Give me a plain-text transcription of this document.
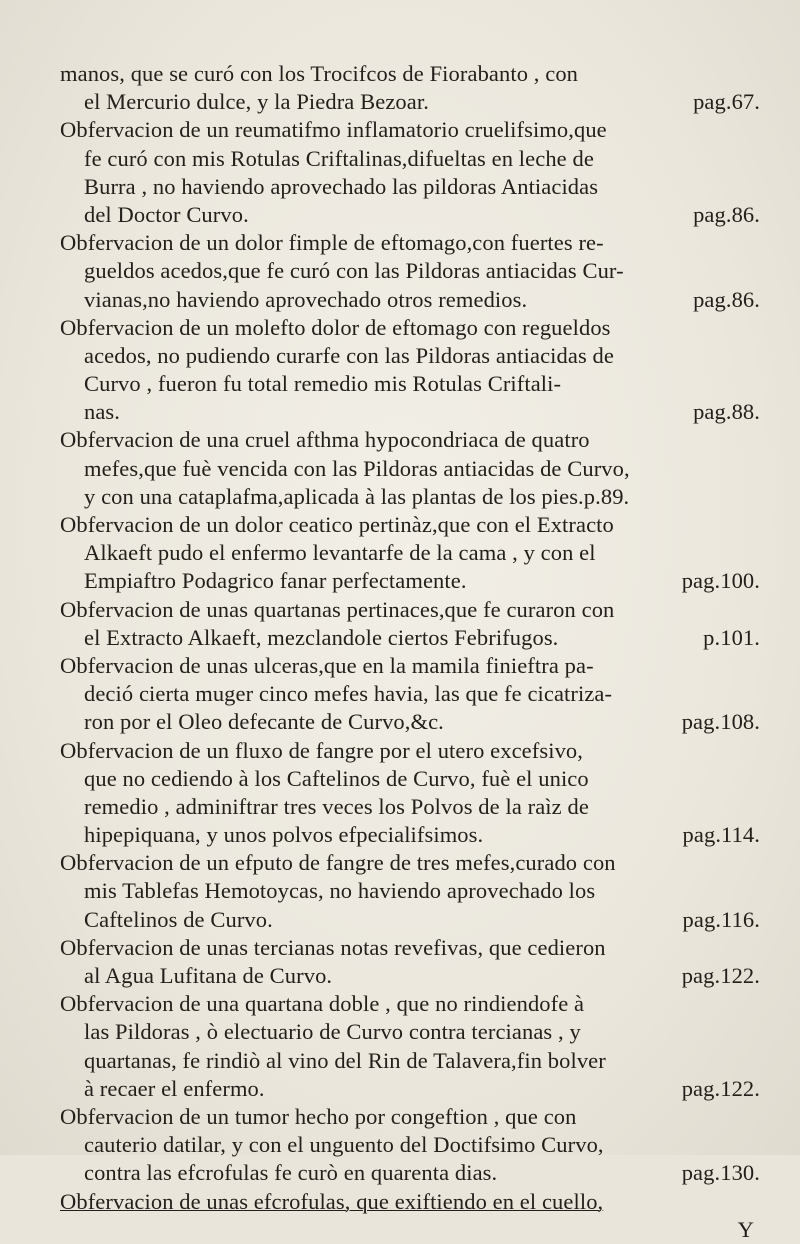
manos, que se curó con los Trocifcos de Fiorabanto , con
el Mercurio dulce, y la Piedra Bezoar.	pag.67.
Obfervacion de un reumatifmo inflamatorio cruelifsimo,que
fe curó con mis Rotulas Criftalinas,difueltas en leche de
Burra , no haviendo aprovechado las pildoras Antiacidas
del Doctor Curvo.	pag.86.
Obfervacion de un dolor fimple de eftomago,con fuertes re-
gueldos acedos,que fe curó con las Pildoras antiacidas Cur-
vianas,no haviendo aprovechado otros remedios.	pag.86.
Obfervacion de un molefto dolor de eftomago con regueldos
acedos, no pudiendo curarfe con las Pildoras antiacidas de
Curvo , fueron fu total remedio mis Rotulas Criftali-
nas.	pag.88.
Obfervacion de una cruel afthma hypocondriaca de quatro
mefes,que fuè vencida con las Pildoras antiacidas de Curvo,
y con una cataplafma,aplicada à las plantas de los pies.p.89.
Obfervacion de un dolor ceatico pertinàz,que con el Extracto
Alkaeft pudo el enfermo levantarfe de la cama , y con el
Empiaftro Podagrico fanar perfectamente.	pag.100.
Obfervacion de unas quartanas pertinaces,que fe curaron con
el Extracto Alkaeft, mezclandole ciertos Febrifugos.	p.101.
Obfervacion de unas ulceras,que en la mamila finieftra pa-
deció cierta muger cinco mefes havia, las que fe cicatriza-
ron por el Oleo defecante de Curvo,&c.	pag.108.
Obfervacion de un fluxo de fangre por el utero excefsivo,
que no cediendo à los Caftelinos de Curvo, fuè el unico
remedio , adminiftrar tres veces los Polvos de la raìz de
hipepiquana, y unos polvos efpecialifsimos.	pag.114.
Obfervacion de un efputo de fangre de tres mefes,curado con
mis Tablefas Hemotoycas, no haviendo aprovechado los
Caftelinos de Curvo.	pag.116.
Obfervacion de unas tercianas notas revefivas, que cedieron
al Agua Lufitana de Curvo.	pag.122.
Obfervacion de una quartana doble , que no rindiendofe à
las Pildoras , ò electuario de Curvo contra tercianas , y
quartanas, fe rindiò al vino del Rin de Talavera,fin bolver
à recaer el enfermo.	pag.122.
Obfervacion de un tumor hecho por congeftion , que con
cauterio datilar, y con el unguento del Doctifsimo Curvo,
contra las efcrofulas fe curò en quarenta dias.	pag.130.
Obfervacion de unas efcrofulas, que exiftiendo en el cuello,
Y
